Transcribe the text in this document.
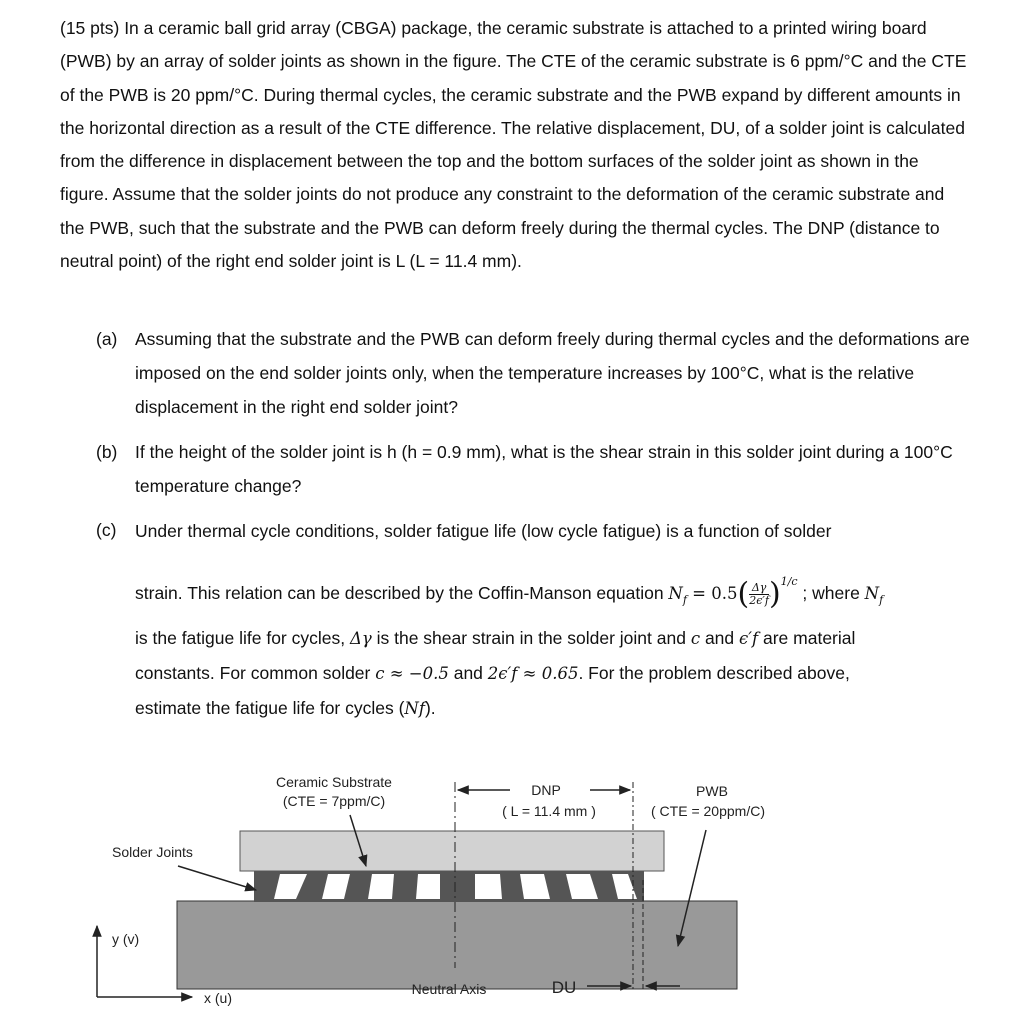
(15 pts) In a ceramic ball grid array (CBGA) package, the ceramic substrate is attached to a printed wiring board (PWB) by an array of solder joints as shown in the figure. The CTE of the ceramic substrate is 6 ppm/°C and the CTE of the PWB is 20 ppm/°C. During thermal cycles, the ceramic substrate and the PWB expand by different amounts in the horizontal direction as a result of the CTE difference. The relative displacement, DU, of a solder joint is calculated from the difference in displacement between the top and the bottom surfaces of the solder joint as shown in the figure. Assume that the solder joints do not produce any constraint to the deformation of the ceramic substrate and the PWB, such that the substrate and the PWB can deform freely during the thermal cycles. The DNP (distance to neutral point) of the right end solder joint is L (L = 11.4 mm).

(a) Assuming that the substrate and the PWB can deform freely during thermal cycles and the deformations are imposed on the end solder joints only, when the temperature increases by 100°C, what is the relative displacement in the right end solder joint?
(b) If the height of the solder joint is h (h = 0.9 mm), what is the shear strain in this solder joint during a 100°C temperature change?
(c) Under thermal cycle conditions, solder fatigue life (low cycle fatigue) is a function of solder
strain. This relation can be described by the Coffin-Manson equation $N_f = 0.5( \frac{\Delta\gamma}{2\epsilon'f} )^{1/c}$ ; where $N_f$
is the fatigue life for cycles, Δγ is the shear strain in the solder joint and c and ϵ′f are material
constants. For common solder c ≈ −0.5 and 2ϵ′f ≈ 0.65. For the problem described above,
estimate the fatigue life for cycles (Nf).
Ceramic Substrate
(CTE = 7ppm/C)
DNP
( L = 11.4 mm )
PWB
( CTE = 20ppm/C)
Solder Joints
y (v)
x (u)
Neutral Axis	DU
